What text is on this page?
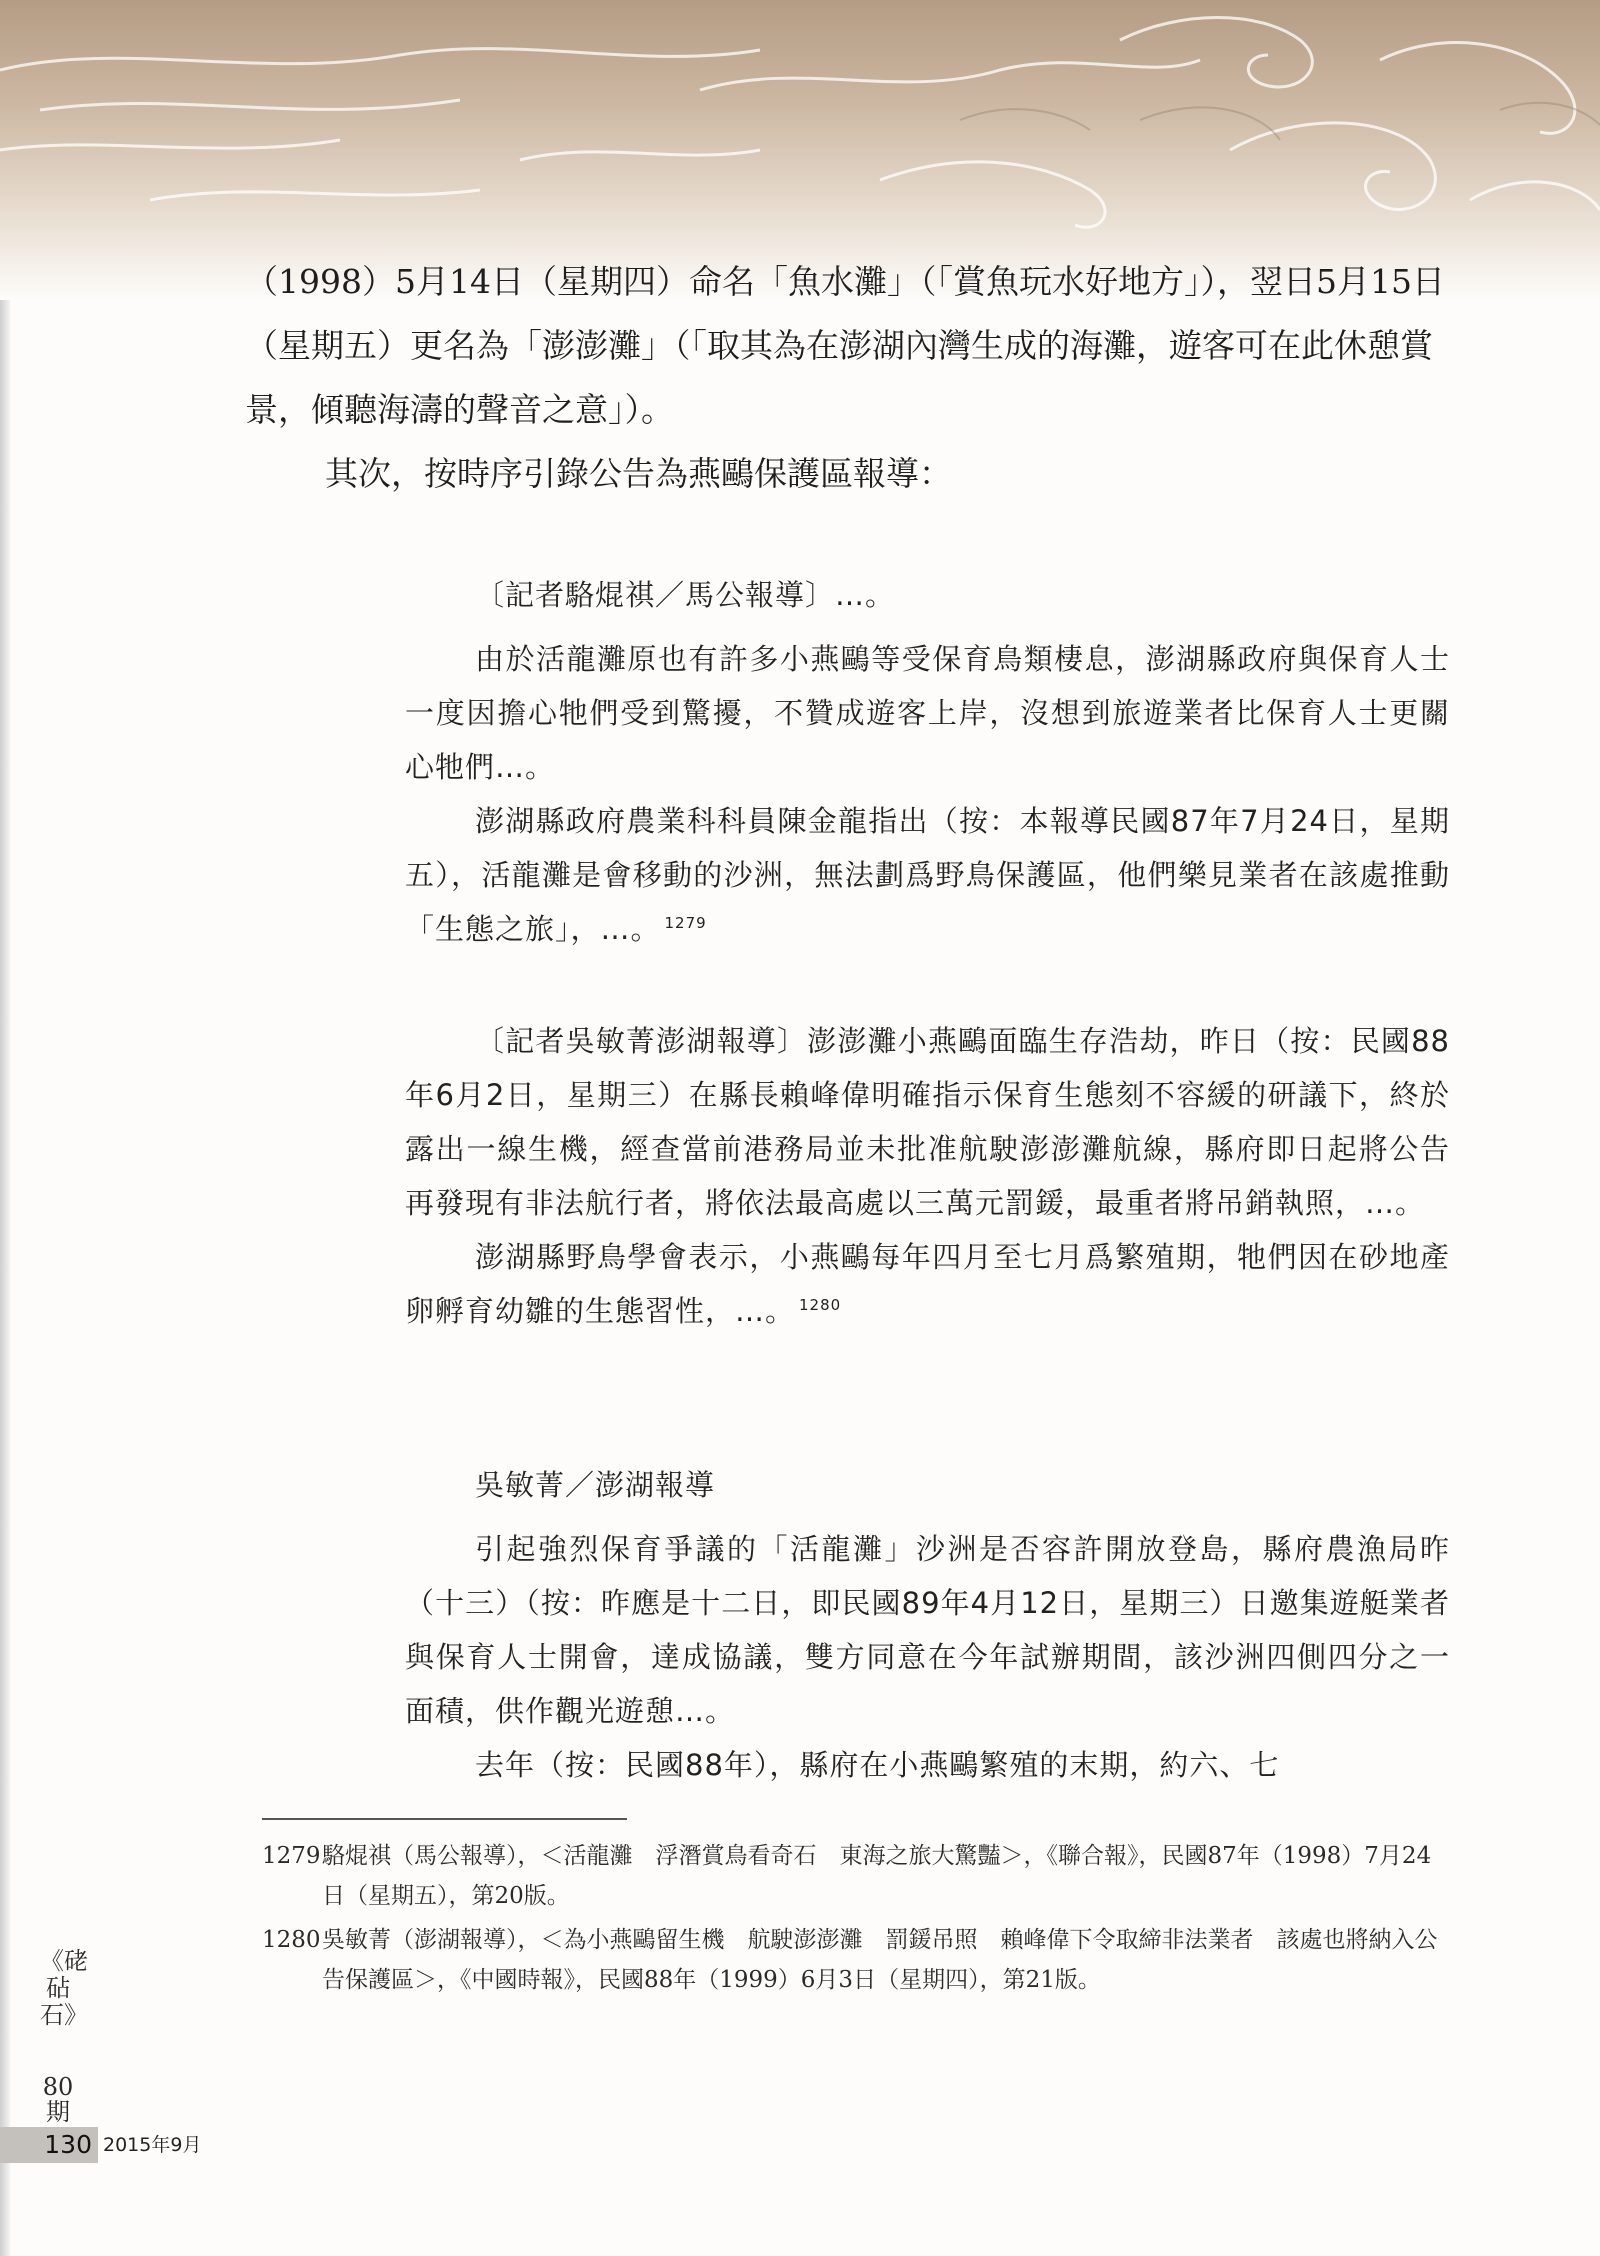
（1998）5月14日（星期四）命名「魚水灘」（「賞魚玩水好地方」），翌日5月15日（星期五）更名為「澎澎灘」（「取其為在澎湖內灣生成的海灘，遊客可在此休憩賞景，傾聽海濤的聲音之意」）。

其次，按時序引錄公告為燕鷗保護區報導：

〔記者駱焜祺／馬公報導〕…。

由於活龍灘原也有許多小燕鷗等受保育鳥類棲息，澎湖縣政府與保育人士一度因擔心牠們受到驚擾，不贊成遊客上岸，沒想到旅遊業者比保育人士更關心牠們…。

澎湖縣政府農業科科員陳金龍指出（按：本報導民國87年7月24日，星期五），活龍灘是會移動的沙洲，無法劃爲野鳥保護區，他們樂見業者在該處推動「生態之旅」，…。 $^{1279}$

〔記者吳敏菁澎湖報導〕澎澎灘小燕鷗面臨生存浩劫，昨日（按：民國88年6月2日，星期三）在縣長賴峰偉明確指示保育生態刻不容緩的研議下，終於露出一線生機，經查當前港務局並未批准航駛澎澎灘航線，縣府即日起將公告再發現有非法航行者，將依法最高處以三萬元罰鍰，最重者將吊銷執照，…。

澎湖縣野鳥學會表示，小燕鷗每年四月至七月爲繁殖期，牠們因在砂地產卵孵育幼雛的生態習性，…。 $^{1280}$

吳敏菁／澎湖報導

引起強烈保育爭議的「活龍灘」沙洲是否容許開放登島，縣府農漁局昨（十三）（按：昨應是十二日，即民國89年4月12日，星期三）日邀集遊艇業者與保育人士開會，達成協議，雙方同意在今年試辦期間，該沙洲四側四分之一面積，供作觀光遊憩…。

去年（按：民國88年），縣府在小燕鷗繁殖的末期，約六、七

1279 駱焜祺（馬公報導），＜活龍灘　浮潛賞鳥看奇石　東海之旅大驚豔＞，《聯合報》，民國87年（1998）7月24日（星期五），第20版。
1280 吳敏菁（澎湖報導），＜為小燕鷗留生機　航駛澎澎灘　罰鍰吊照　賴峰偉下令取締非法業者　該處也將納入公告保護區＞，《中國時報》，民國88年（1999）6月3日（星期四），第21版。
《硓砧石》
80
期
130 2015年9月
